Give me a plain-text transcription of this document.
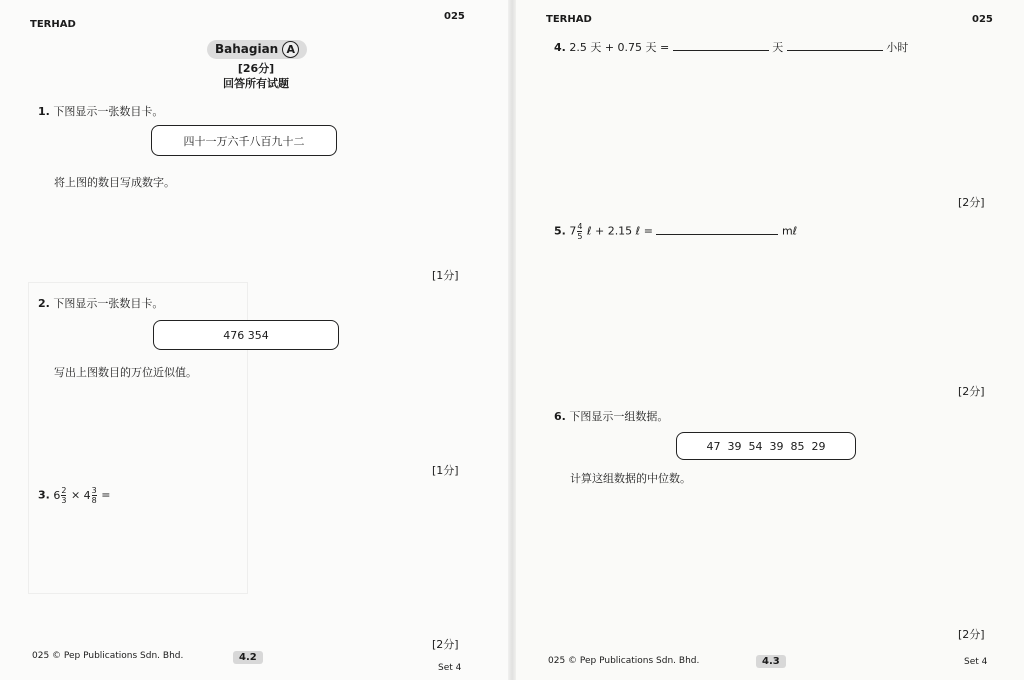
TERHAD
025
Bahagian A
[26分]
回答所有试题
1. 下图显示一张数目卡。
四十一万六千八百九十二
将上图的数目写成数字。
[1分]
2. 下图显示一张数目卡。
476 354
写出上图数目的万位近似值。
[1分]
3. $6 \frac{2}{3} \times 4 \frac{3}{8}$ =
[2分]
025 © Pep Publications Sdn. Bhd.	4.2
Set 4
TERHAD	025
4. 2.5 天 + 0.75 天 =	天	小时
[2分]
5. $7 \frac{4}{5}$ ℓ + 2.15 ℓ =	mℓ
[2分]
6. 下图显示一组数据。
47  39  54  39  85  29
计算这组数据的中位数。
[2分]
025 © Pep Publications Sdn. Bhd.	4.3	Set 4
